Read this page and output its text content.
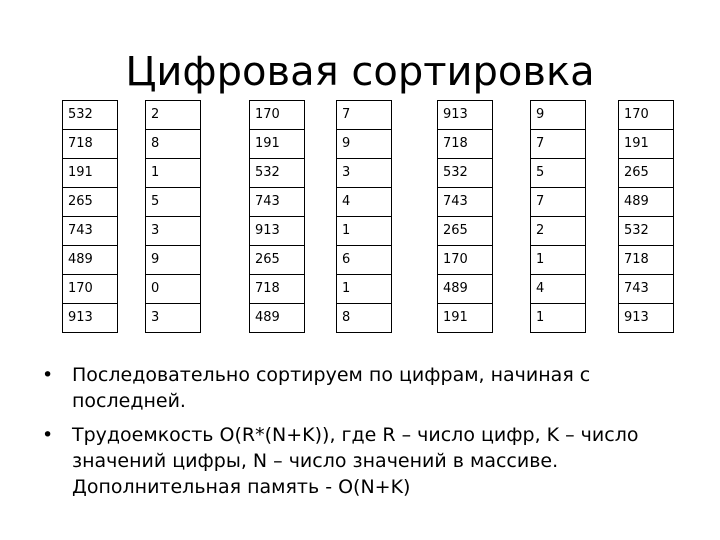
Цифровая сортировка
532
718
191
265
743
489
170
913
2
8
1
5
3
9
0
3
170
191
532
743
913
265
718
489
7
9
3
4
1
6
1
8
913
718
532
743
265
170
489
191
9
7
5
7
2
1
4
1
170
191
265
489
532
718
743
913
• Последовательно сортируем по цифрам, начиная с последней.
• Трудоемкость O(R*(N+K)), где R – число цифр, K – число значений цифры, N – число значений в массиве. Дополнительная память - O(N+K)
